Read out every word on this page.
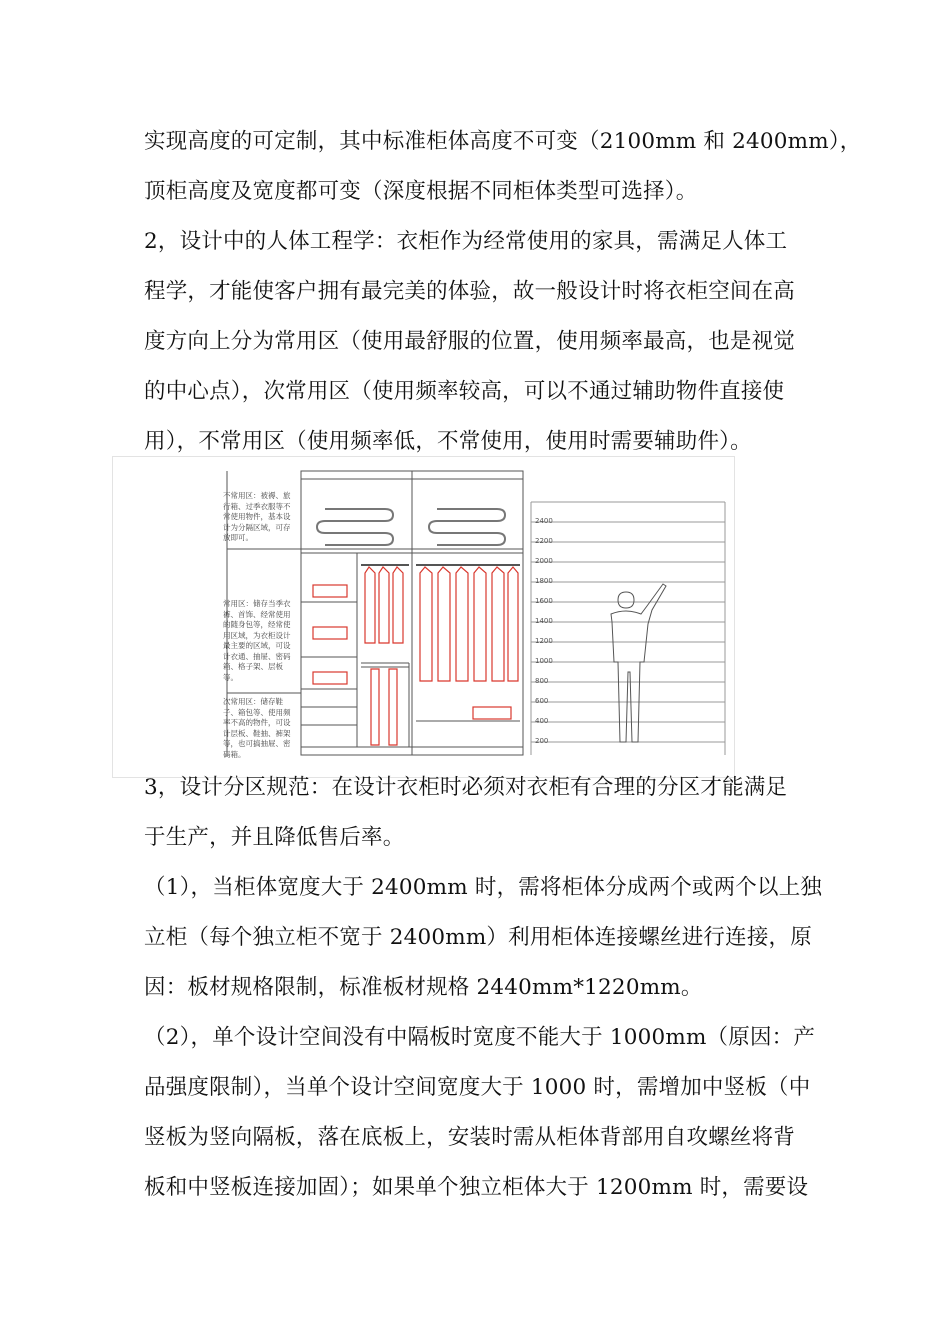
实现高度的可定制，其中标准柜体高度不可变（2100mm 和 2400mm），
顶柜高度及宽度都可变（深度根据不同柜体类型可选择）。
2，设计中的人体工程学：衣柜作为经常使用的家具，需满足人体工
程学，才能使客户拥有最完美的体验，故一般设计时将衣柜空间在高
度方向上分为常用区（使用最舒服的位置，使用频率最高，也是视觉
的中心点），次常用区（使用频率较高，可以不通过辅助物件直接使
用），不常用区（使用频率低，不常使用，使用时需要辅助件）。
不常用区：被褥、旅行箱、过季衣服等不常使用物件，基本设计为分隔区域，可存放即可。
常用区：储存当季衣裤、首饰、经常使用的随身包等，经常使用区域，为衣柜设计最主要的区域，可设计衣通、抽屉、密码箱、格子架、层板等。
次常用区：储存鞋子、箱包等、使用频率不高的物件，可设计层板、鞋抽、裤架等，也可搞抽屉、密码箱。
2400
2200
2000
1800
1600
1400
1200
1000
800
600
400
200
3，设计分区规范：在设计衣柜时必须对衣柜有合理的分区才能满足
于生产，并且降低售后率。
（1），当柜体宽度大于 2400mm 时，需将柜体分成两个或两个以上独
立柜（每个独立柜不宽于 2400mm）利用柜体连接螺丝进行连接，原
因：板材规格限制，标准板材规格 2440mm*1220mm。
（2），单个设计空间没有中隔板时宽度不能大于 1000mm（原因：产
品强度限制），当单个设计空间宽度大于 1000 时，需增加中竖板（中
竖板为竖向隔板，落在底板上，安装时需从柜体背部用自攻螺丝将背
板和中竖板连接加固）；如果单个独立柜体大于 1200mm 时，需要设
